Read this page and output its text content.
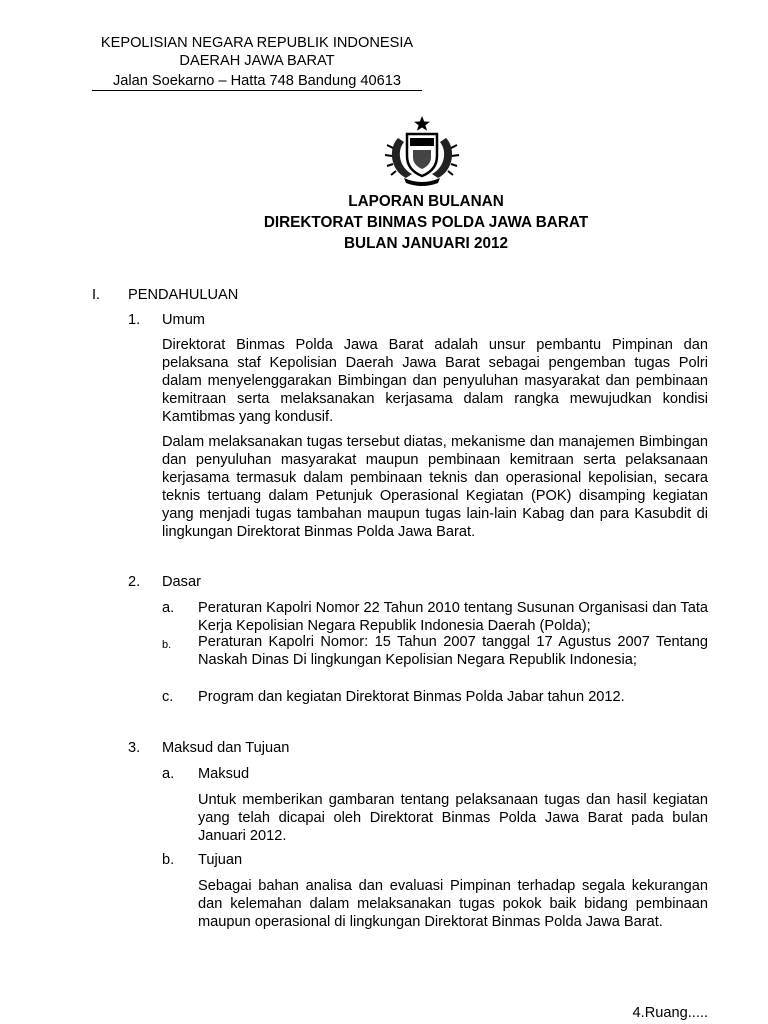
KEPOLISIAN NEGARA REPUBLIK INDONESIA
DAERAH JAWA BARAT
Jalan Soekarno – Hatta 748 Bandung 40613
LAPORAN BULANAN
DIREKTORAT BINMAS POLDA JAWA BARAT
BULAN JANUARI 2012
I. PENDAHULUAN
1. Umum
Direktorat Binmas Polda Jawa Barat adalah unsur pembantu Pimpinan dan pelaksana staf Kepolisian Daerah Jawa Barat sebagai pengemban tugas Polri dalam menyelenggarakan Bimbingan dan penyuluhan masyarakat dan pembinaan kemitraan serta melaksanakan kerjasama dalam rangka mewujudkan kondisi Kamtibmas yang kondusif.
Dalam melaksanakan tugas tersebut diatas, mekanisme dan manajemen Bimbingan dan penyuluhan masyarakat maupun pembinaan kemitraan serta pelaksanaan kerjasama termasuk dalam pembinaan teknis dan operasional kepolisian, secara teknis tertuang dalam Petunjuk Operasional Kegiatan (POK) disamping kegiatan yang menjadi tugas tambahan maupun tugas lain-lain Kabag dan para Kasubdit di lingkungan Direktorat Binmas Polda Jawa Barat.
2. Dasar
a. Peraturan Kapolri Nomor 22 Tahun 2010 tentang Susunan Organisasi dan Tata Kerja Kepolisian Negara Republik Indonesia Daerah (Polda);
b. Peraturan Kapolri Nomor: 15 Tahun 2007 tanggal 17 Agustus 2007 Tentang Naskah Dinas Di lingkungan Kepolisian Negara Republik Indonesia;
c. Program dan kegiatan Direktorat Binmas Polda Jabar tahun 2012.
3. Maksud dan Tujuan
a. Maksud
Untuk memberikan gambaran tentang pelaksanaan tugas dan hasil kegiatan yang telah dicapai oleh Direktorat Binmas Polda Jawa Barat pada bulan Januari 2012.
b. Tujuan
Sebagai bahan analisa dan evaluasi Pimpinan terhadap segala kekurangan dan kelemahan dalam melaksanakan tugas pokok baik bidang pembinaan maupun operasional di lingkungan Direktorat Binmas Polda Jawa Barat.
4.Ruang.....
